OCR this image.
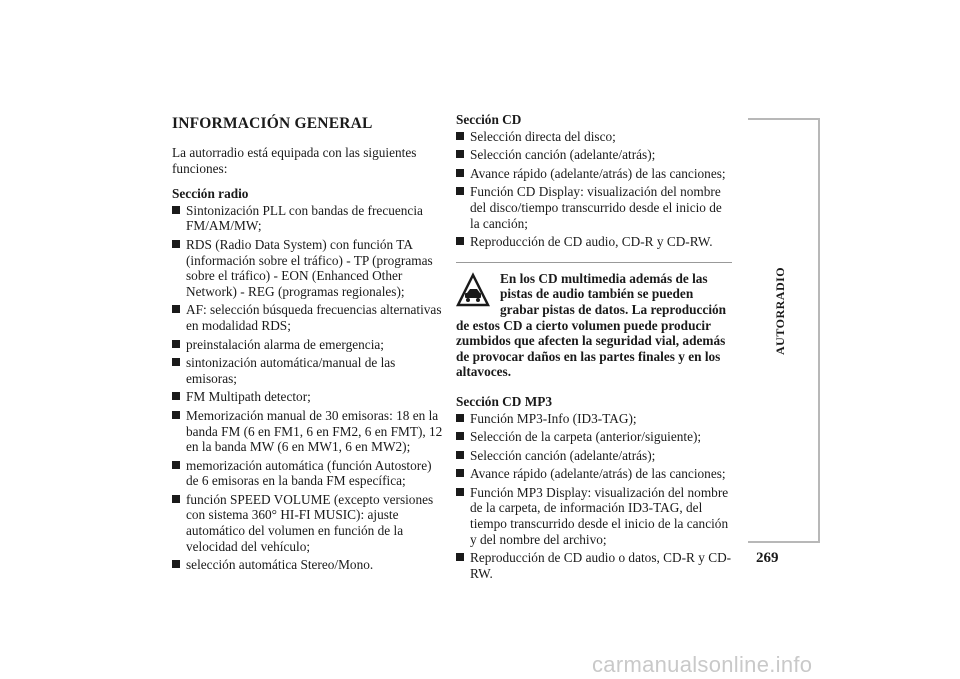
INFORMACIÓN GENERAL

La autorradio está equipada con las siguientes funciones:

Sección radio
Sintonización PLL con bandas de frecuencia FM/AM/MW;
RDS (Radio Data System) con función TA (información sobre el tráfico) - TP (programas sobre el tráfico) - EON (Enhanced Other Network) - REG (programas regionales);
AF: selección búsqueda frecuencias alternativas en modalidad RDS;
preinstalación alarma de emergencia;
sintonización automática/manual de las emisoras;
FM Multipath detector;
Memorización manual de 30 emisoras: 18 en la banda FM (6 en FM1, 6 en FM2, 6 en FMT), 12 en la banda MW (6 en MW1, 6 en MW2);
memorización automática (función Autostore) de 6 emisoras en la banda FM específica;
función SPEED VOLUME (excepto versiones con sistema 360° HI-FI MUSIC): ajuste automático del volumen en función de la velocidad del vehículo;
selección automática Stereo/Mono.
Sección CD
Selección directa del disco;
Selección canción (adelante/atrás);
Avance rápido (adelante/atrás) de las canciones;
Función CD Display: visualización del nombre del disco/tiempo transcurrido desde el inicio de la canción;
Reproducción de CD audio, CD-R y CD-RW.
En los CD multimedia además de las pistas de audio también se pueden grabar pistas de datos. La reproducción de estos CD a cierto volumen puede producir zumbidos que afecten la seguridad vial, además de provocar daños en las partes finales y en los altavoces.
Sección CD MP3
Función MP3-Info (ID3-TAG);
Selección de la carpeta (anterior/siguiente);
Selección canción (adelante/atrás);
Avance rápido (adelante/atrás) de las canciones;
Función MP3 Display: visualización del nombre de la carpeta, de información ID3-TAG, del tiempo transcurrido desde el inicio de la canción y del nombre del archivo;
Reproducción de CD audio o datos, CD-R y CD-RW.
AUTORRADIO
269
carmanualsonline.info
